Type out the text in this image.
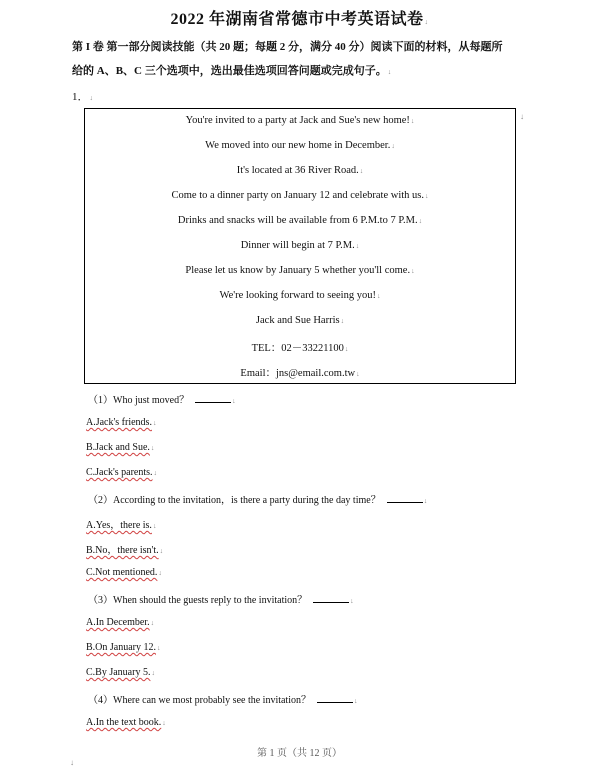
2022 年湖南省常德市中考英语试卷↓
第 I 卷 第一部分阅读技能（共 20 题；每题 2 分，满分 40 分）阅读下面的材料，从每题所
给的 A、B、C 三个选项中，选出最佳选项回答问题或完成句子。↓
1．↓
You're invited to a party at Jack and Sue's new home!↓
We moved into our new home in December.↓
It's located at 36 River Road.↓
Come to a dinner party on January 12 and celebrate with us.↓
Drinks and snacks will be available from 6 P.M.to 7 P.M.↓
Dinner will begin at 7 P.M.↓
Please let us know by January 5 whether you'll come.↓
We're looking forward to seeing you!↓
Jack and Sue Harris↓
TEL：02－33221100↓
Email：jns@email.com.tw↓
↓
（1）Who just moved？	↓
A.Jack's friends.↓
B.Jack and Sue.↓
C.Jack's parents.↓
（2）According to the invitation，is there a party during the day time？	↓
A.Yes，there is.↓
B.No，there isn't.↓
C.Not mentioned.↓
（3）When should the guests reply to the invitation？	↓
A.In December.↓
B.On January 12.↓
C.By January 5.↓
（4）Where can we most probably see the invitation？	↓
A.In the text book.↓
第 1 页（共 12 页）
↓
